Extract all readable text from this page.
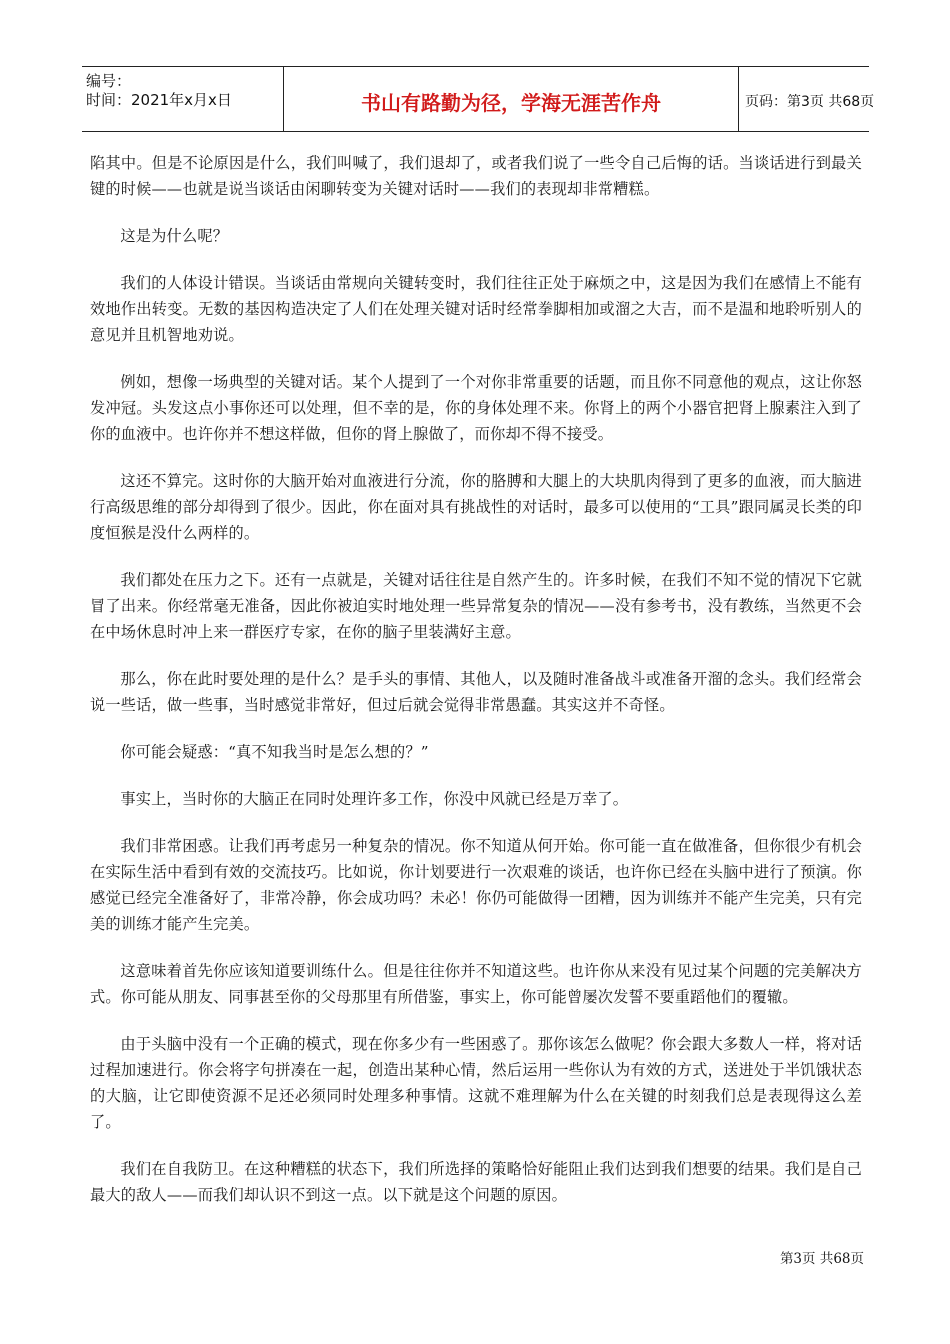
编号：
时间：2021年x月x日	书山有路勤为径，学海无涯苦作舟	页码：第3页 共68页

陷其中。但是不论原因是什么，我们叫喊了，我们退却了，或者我们说了一些令自己后悔的话。当谈话进行到最关键的时候——也就是说当谈话由闲聊转变为关键对话时——我们的表现却非常糟糕。

这是为什么呢？

我们的人体设计错误。当谈话由常规向关键转变时，我们往往正处于麻烦之中，这是因为我们在感情上不能有效地作出转变。无数的基因构造决定了人们在处理关键对话时经常拳脚相加或溜之大吉，而不是温和地聆听别人的意见并且机智地劝说。

例如，想像一场典型的关键对话。某个人提到了一个对你非常重要的话题，而且你不同意他的观点，这让你怒发冲冠。头发这点小事你还可以处理，但不幸的是，你的身体处理不来。你肾上的两个小器官把肾上腺素注入到了你的血液中。也许你并不想这样做，但你的肾上腺做了，而你却不得不接受。

这还不算完。这时你的大脑开始对血液进行分流，你的胳膊和大腿上的大块肌肉得到了更多的血液，而大脑进行高级思维的部分却得到了很少。因此，你在面对具有挑战性的对话时，最多可以使用的“工具”跟同属灵长类的印度恒猴是没什么两样的。

我们都处在压力之下。还有一点就是，关键对话往往是自然产生的。许多时候，在我们不知不觉的情况下它就冒了出来。你经常毫无准备，因此你被迫实时地处理一些异常复杂的情况——没有参考书，没有教练，当然更不会在中场休息时冲上来一群医疗专家，在你的脑子里装满好主意。

那么，你在此时要处理的是什么？是手头的事情、其他人，以及随时准备战斗或准备开溜的念头。我们经常会说一些话，做一些事，当时感觉非常好，但过后就会觉得非常愚蠢。其实这并不奇怪。

你可能会疑惑：“真不知我当时是怎么想的？”

事实上，当时你的大脑正在同时处理许多工作，你没中风就已经是万幸了。

我们非常困惑。让我们再考虑另一种复杂的情况。你不知道从何开始。你可能一直在做准备，但你很少有机会在实际生活中看到有效的交流技巧。比如说，你计划要进行一次艰难的谈话，也许你已经在头脑中进行了预演。你感觉已经完全准备好了，非常冷静，你会成功吗？未必！你仍可能做得一团糟，因为训练并不能产生完美，只有完美的训练才能产生完美。

这意味着首先你应该知道要训练什么。但是往往你并不知道这些。也许你从来没有见过某个问题的完美解决方式。你可能从朋友、同事甚至你的父母那里有所借鉴，事实上，你可能曾屡次发誓不要重蹈他们的覆辙。

由于头脑中没有一个正确的模式，现在你多少有一些困惑了。那你该怎么做呢？你会跟大多数人一样，将对话过程加速进行。你会将字句拼凑在一起，创造出某种心情，然后运用一些你认为有效的方式，送进处于半饥饿状态的大脑，让它即使资源不足还必须同时处理多种事情。这就不难理解为什么在关键的时刻我们总是表现得这么差了。

我们在自我防卫。在这种糟糕的状态下，我们所选择的策略恰好能阻止我们达到我们想要的结果。我们是自己最大的敌人——而我们却认识不到这一点。以下就是这个问题的原因。

第3页 共68页
